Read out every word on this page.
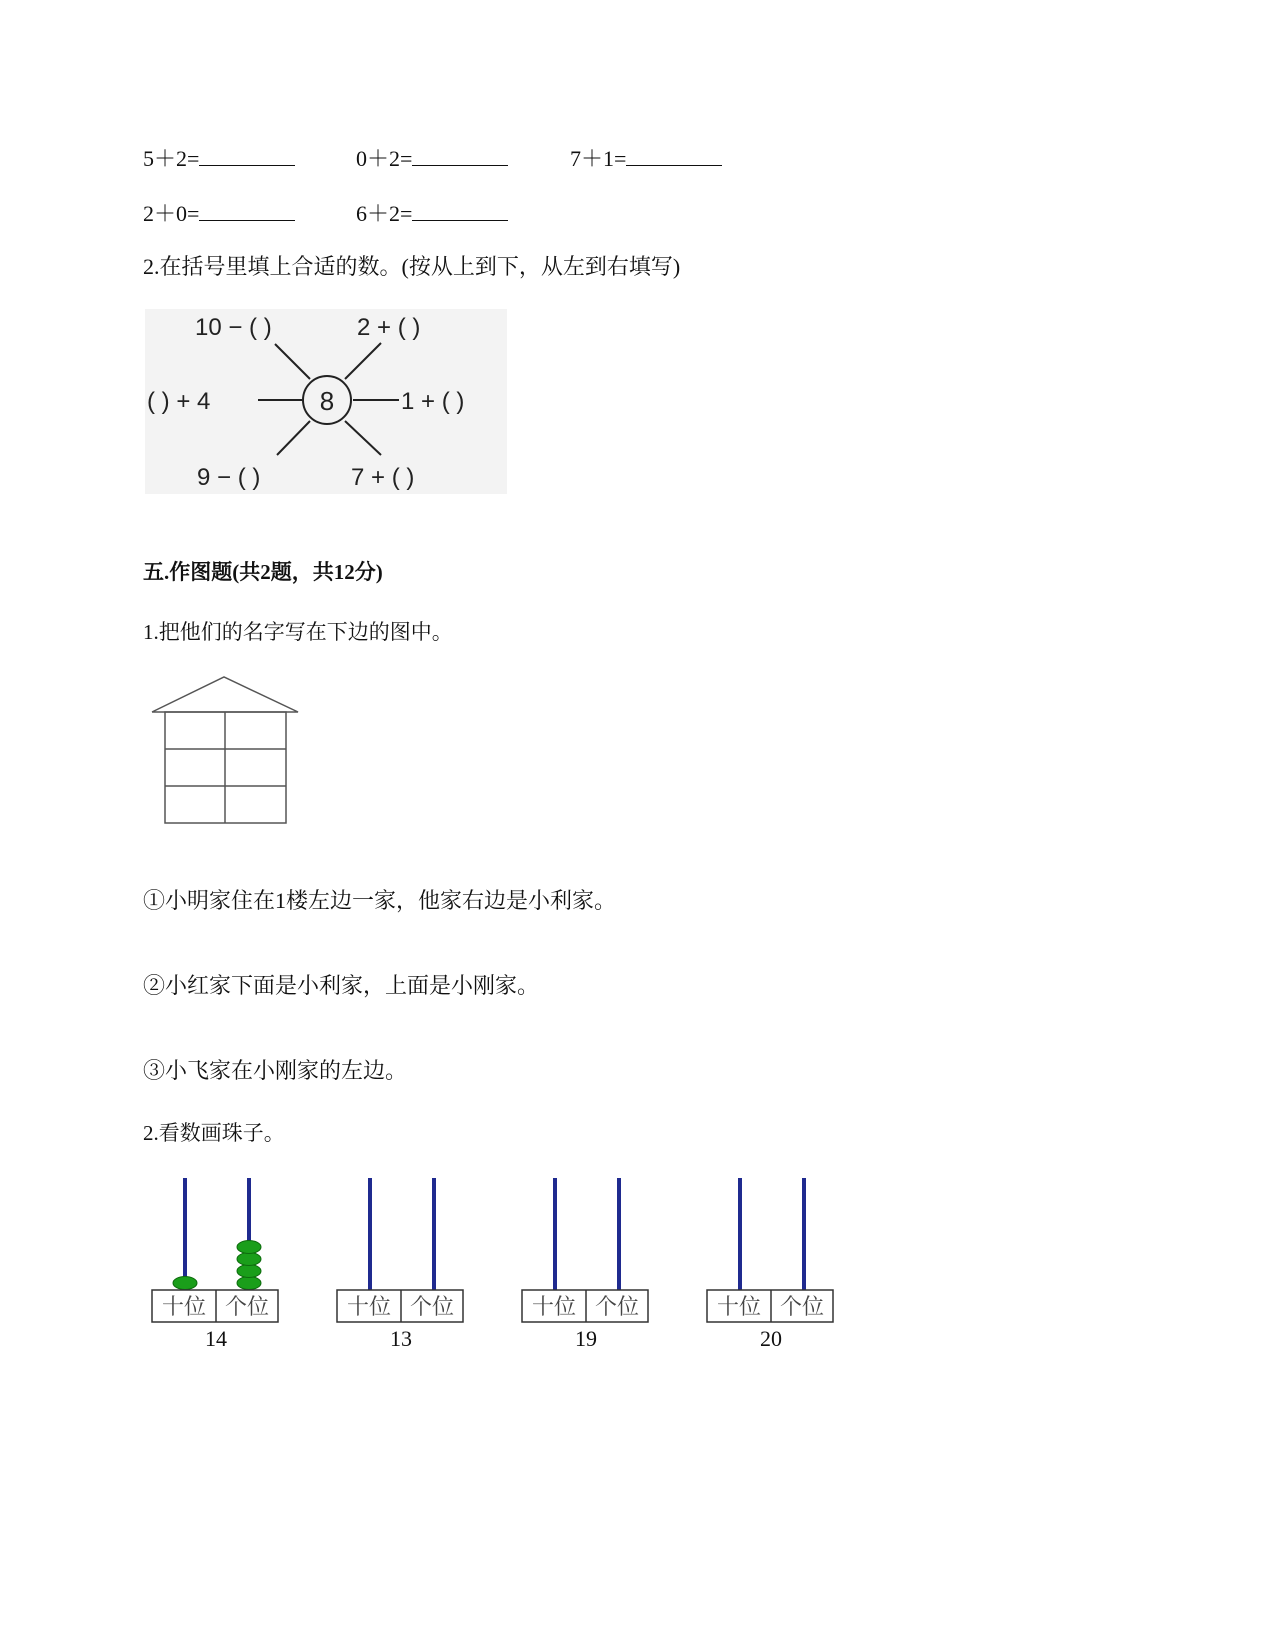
5＋2=	0＋2=	7＋1=
2＋0=	6＋2=
2.在括号里填上合适的数。(按从上到下，从左到右填写)
8
10 − ( )	2 + ( )
( ) + 4	1 + ( )
9 − ( )	7 + ( )
五.作图题(共2题，共12分)
1.把他们的名字写在下边的图中。
①小明家住在1楼左边一家，他家右边是小利家。
②小红家下面是小利家，上面是小刚家。
③小飞家在小刚家的左边。
2.看数画珠子。
十位 个位
14
十位 个位
13
十位 个位
19
十位 个位
20
